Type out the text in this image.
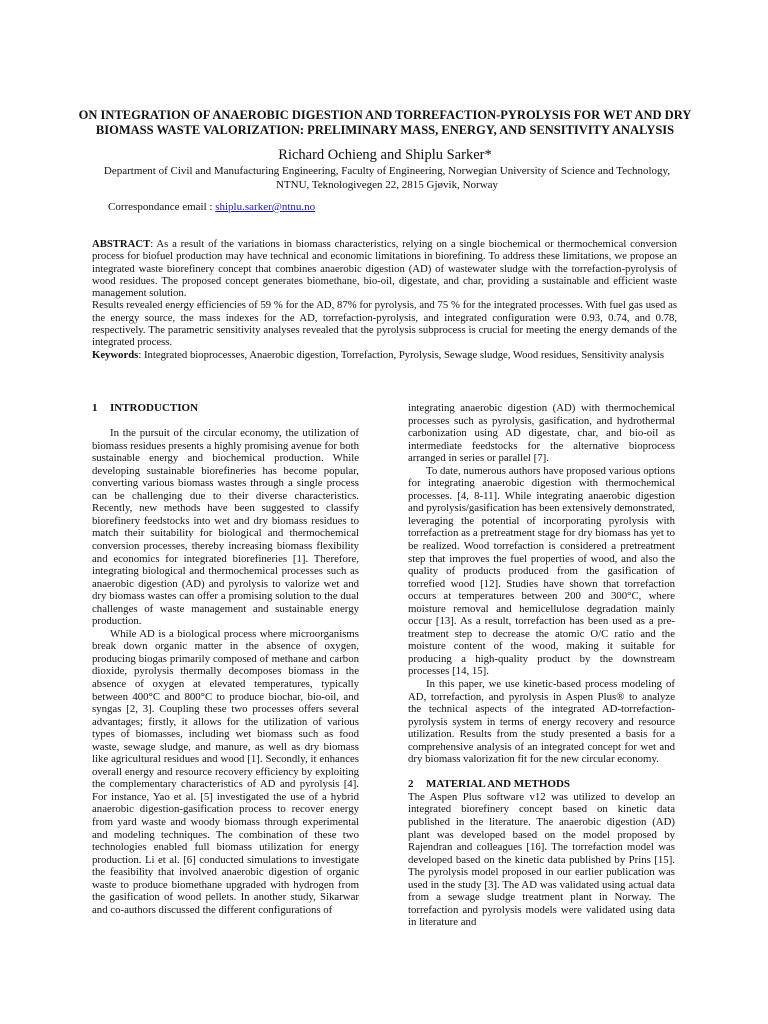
ON INTEGRATION OF ANAEROBIC DIGESTION AND TORREFACTION-PYROLYSIS FOR WET AND DRY BIOMASS WASTE VALORIZATION: PRELIMINARY MASS, ENERGY, AND SENSITIVITY ANALYSIS
Richard Ochieng and Shiplu Sarker*
Department of Civil and Manufacturing Engineering, Faculty of Engineering, Norwegian University of Science and Technology, NTNU, Teknologivegen 22, 2815 Gjøvik, Norway
Correspondance email : shiplu.sarker@ntnu.no

ABSTRACT: As a result of the variations in biomass characteristics, relying on a single biochemical or thermochemical conversion process for biofuel production may have technical and economic limitations in biorefining. To address these limitations, we propose an integrated waste biorefinery concept that combines anaerobic digestion (AD) of wastewater sludge with the torrefaction-pyrolysis of wood residues. The proposed concept generates biomethane, bio-oil, digestate, and char, providing a sustainable and efficient waste management solution.

Results revealed energy efficiencies of 59 % for the AD, 87% for pyrolysis, and 75 % for the integrated processes. With fuel gas used as the energy source, the mass indexes for the AD, torrefaction-pyrolysis, and integrated configuration were 0.93, 0.74, and 0.78, respectively. The parametric sensitivity analyses revealed that the pyrolysis subprocess is crucial for meeting the energy demands of the integrated process.

Keywords: Integrated bioprocesses, Anaerobic digestion, Torrefaction, Pyrolysis, Sewage sludge, Wood residues, Sensitivity analysis

1 INTRODUCTION

In the pursuit of the circular economy, the utilization of biomass residues presents a highly promising avenue for both sustainable energy and biochemical production. While developing sustainable biorefineries has become popular, converting various biomass wastes through a single process can be challenging due to their diverse characteristics. Recently, new methods have been suggested to classify biorefinery feedstocks into wet and dry biomass residues to match their suitability for biological and thermochemical conversion processes, thereby increasing biomass flexibility and economics for integrated biorefineries [1]. Therefore, integrating biological and thermochemical processes such as anaerobic digestion (AD) and pyrolysis to valorize wet and dry biomass wastes can offer a promising solution to the dual challenges of waste management and sustainable energy production.

While AD is a biological process where microorganisms break down organic matter in the absence of oxygen, producing biogas primarily composed of methane and carbon dioxide, pyrolysis thermally decomposes biomass in the absence of oxygen at elevated temperatures, typically between 400°C and 800°C to produce biochar, bio-oil, and syngas [2, 3]. Coupling these two processes offers several advantages; firstly, it allows for the utilization of various types of biomasses, including wet biomass such as food waste, sewage sludge, and manure, as well as dry biomass like agricultural residues and wood [1]. Secondly, it enhances overall energy and resource recovery efficiency by exploiting the complementary characteristics of AD and pyrolysis [4]. For instance, Yao et al. [5] investigated the use of a hybrid anaerobic digestion-gasification process to recover energy from yard waste and woody biomass through experimental and modeling techniques. The combination of these two technologies enabled full biomass utilization for energy production. Li et al. [6] conducted simulations to investigate the feasibility that involved anaerobic digestion of organic waste to produce biomethane upgraded with hydrogen from the gasification of wood pellets. In another study, Sikarwar and co-authors discussed the different configurations of

integrating anaerobic digestion (AD) with thermochemical processes such as pyrolysis, gasification, and hydrothermal carbonization using AD digestate, char, and bio-oil as intermediate feedstocks for the alternative bioprocess arranged in series or parallel [7].

To date, numerous authors have proposed various options for integrating anaerobic digestion with thermochemical processes. [4, 8-11]. While integrating anaerobic digestion and pyrolysis/gasification has been extensively demonstrated, leveraging the potential of incorporating pyrolysis with torrefaction as a pretreatment stage for dry biomass has yet to be realized. Wood torrefaction is considered a pretreatment step that improves the fuel properties of wood, and also the quality of products produced from the gasification of torrefied wood [12]. Studies have shown that torrefaction occurs at temperatures between 200 and 300°C, where moisture removal and hemicellulose degradation mainly occur [13]. As a result, torrefaction has been used as a pre-treatment step to decrease the atomic O/C ratio and the moisture content of the wood, making it suitable for producing a high-quality product by the downstream processes [14, 15].

In this paper, we use kinetic-based process modeling of AD, torrefaction, and pyrolysis in Aspen Plus® to analyze the technical aspects of the integrated AD-torrefaction-pyrolysis system in terms of energy recovery and resource utilization. Results from the study presented a basis for a comprehensive analysis of an integrated concept for wet and dry biomass valorization fit for the new circular economy.

2 MATERIAL AND METHODS

The Aspen Plus software v12 was utilized to develop an integrated biorefinery concept based on kinetic data published in the literature. The anaerobic digestion (AD) plant was developed based on the model proposed by Rajendran and colleagues [16]. The torrefaction model was developed based on the kinetic data published by Prins [15]. The pyrolysis model proposed in our earlier publication was used in the study [3]. The AD was validated using actual data from a sewage sludge treatment plant in Norway. The torrefaction and pyrolysis models were validated using data in literature and
